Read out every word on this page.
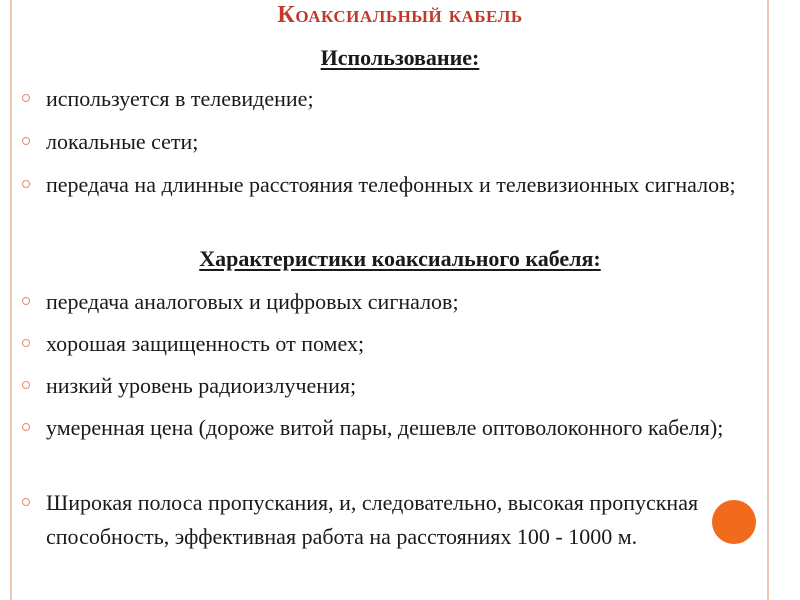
Коаксиальный кабель
Использование:
используется в телевидение;
локальные сети;
передача на длинные расстояния телефонных и телевизионных сигналов;
Характеристики коаксиального кабеля:
передача аналоговых и цифровых сигналов;
хорошая защищенность от помех;
низкий уровень радиоизлучения;
умеренная цена (дороже витой пары, дешевле оптоволоконного кабеля);
Широкая полоса пропускания, и, следовательно, высокая пропускная способность, эффективная работа на расстояниях 100 - 1000 м.
